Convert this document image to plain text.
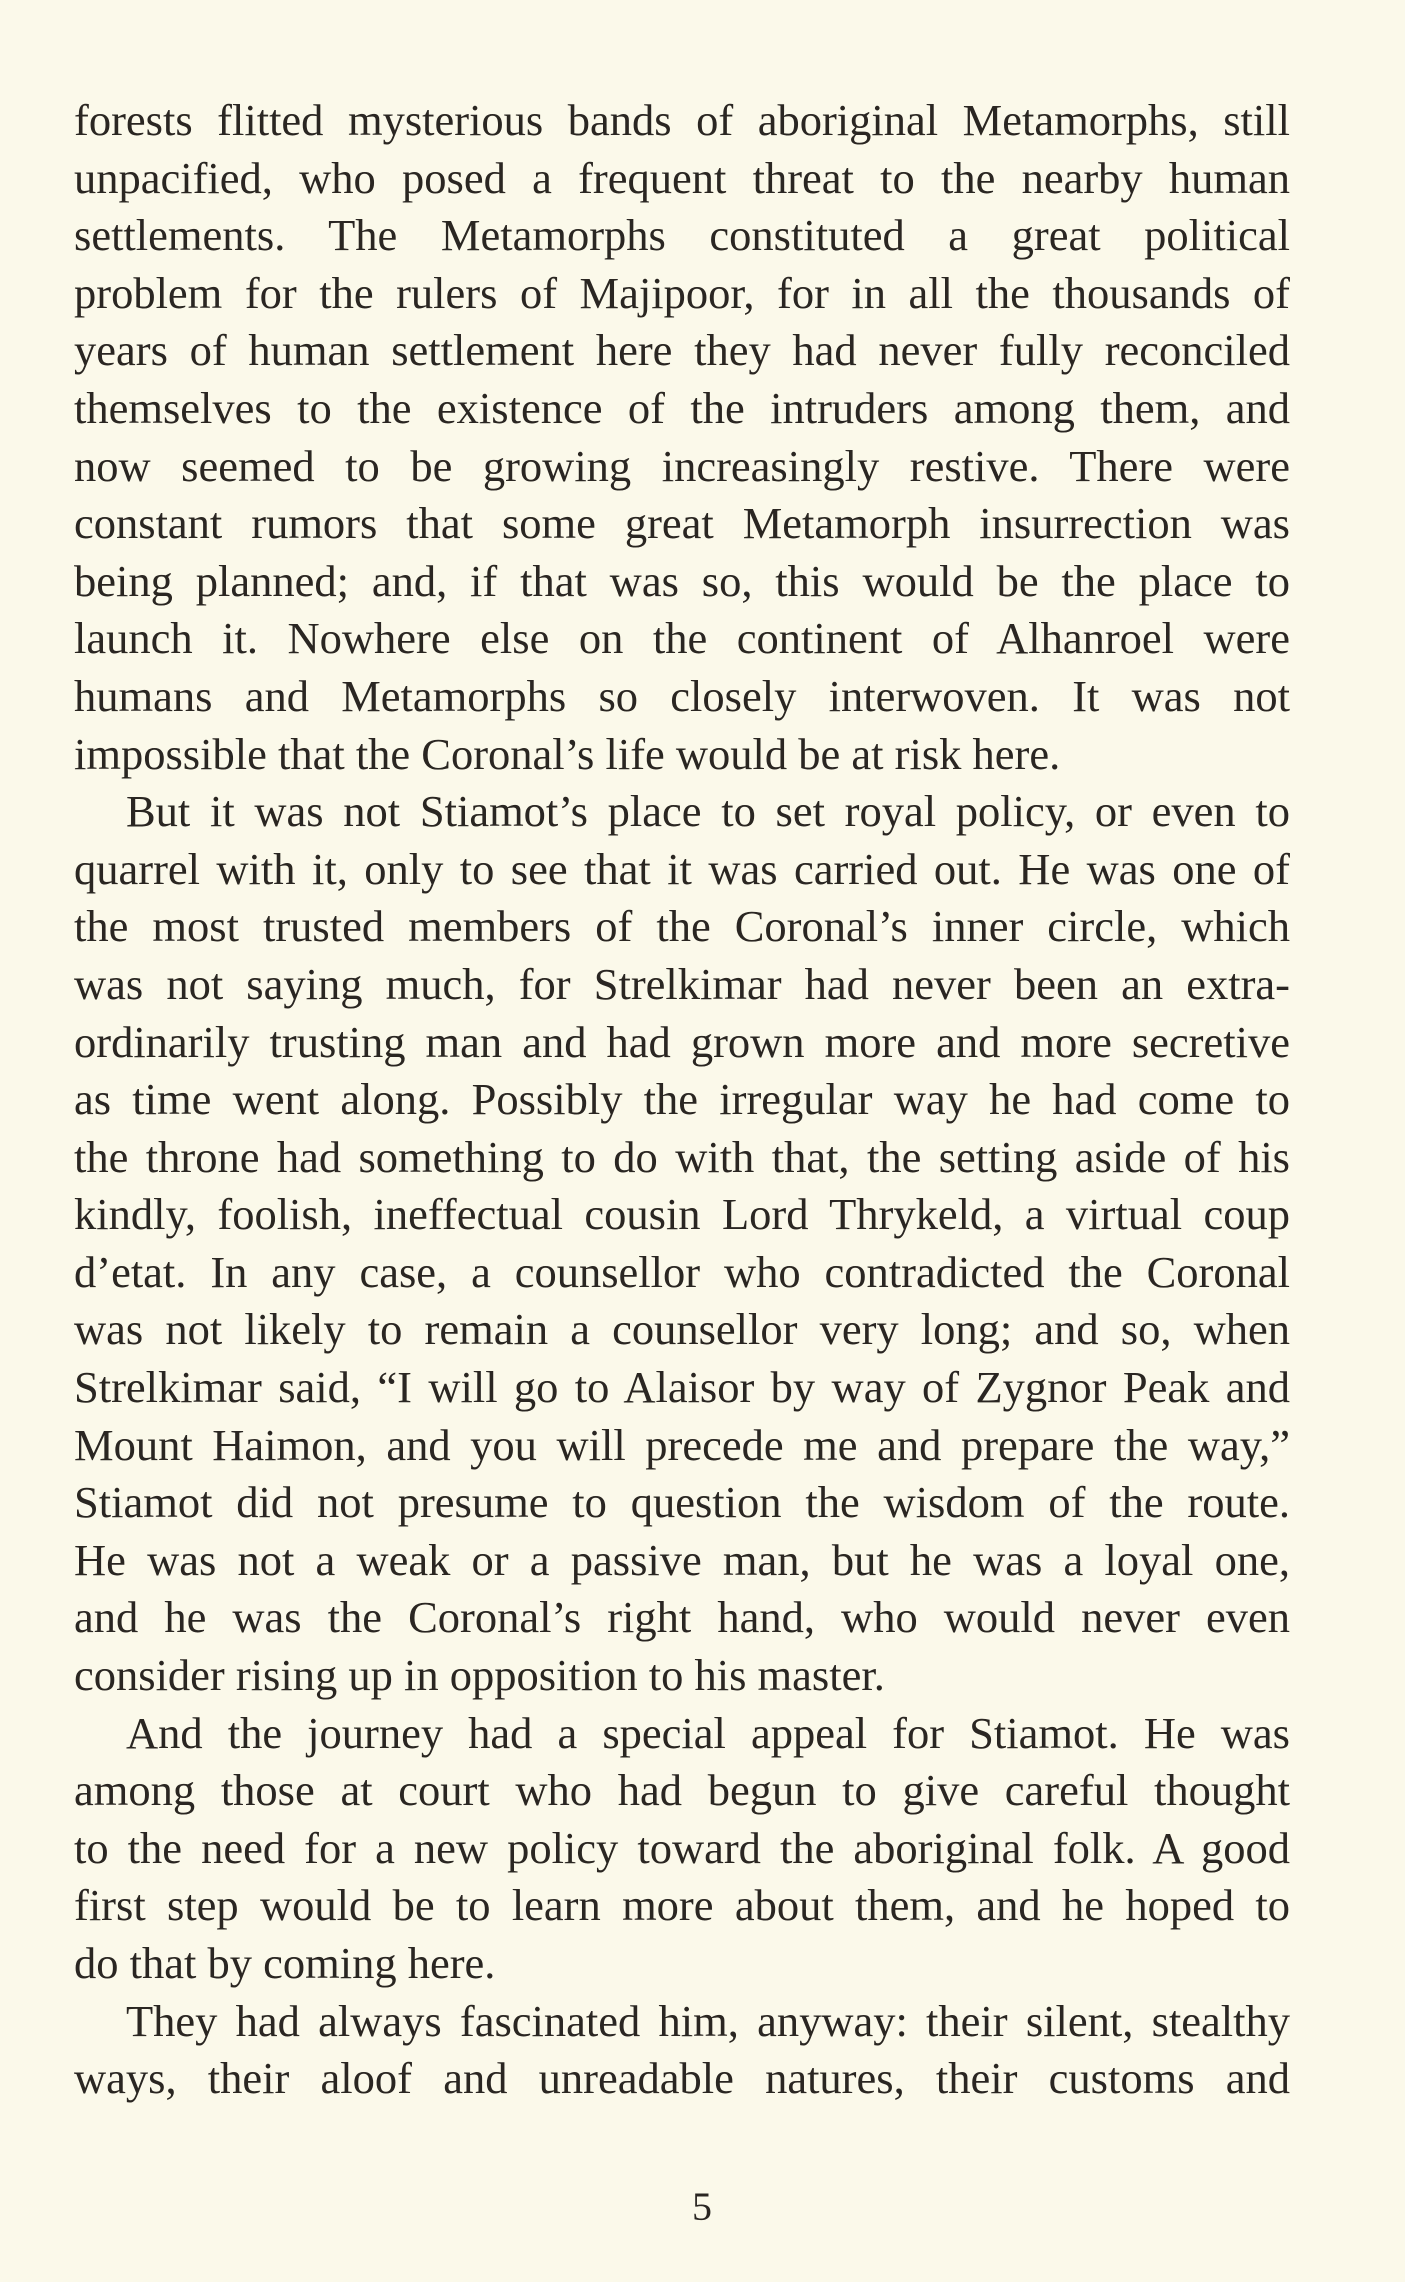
forests flitted mysterious bands of aboriginal Metamorphs, still
unpacified, who posed a frequent threat to the nearby human
settlements. The Metamorphs constituted a great political
problem for the rulers of Majipoor, for in all the thousands of
years of human settlement here they had never fully reconciled
themselves to the existence of the intruders among them, and
now seemed to be growing increasingly restive. There were
constant rumors that some great Metamorph insurrection was
being planned; and, if that was so, this would be the place to
launch it. Nowhere else on the continent of Alhanroel were
humans and Metamorphs so closely interwoven. It was not
impossible that the Coronal’s life would be at risk here.
But it was not Stiamot’s place to set royal policy, or even to
quarrel with it, only to see that it was carried out. He was one of
the most trusted members of the Coronal’s inner circle, which
was not saying much, for Strelkimar had never been an extra-
ordinarily trusting man and had grown more and more secretive
as time went along. Possibly the irregular way he had come to
the throne had something to do with that, the setting aside of his
kindly, foolish, ineffectual cousin Lord Thrykeld, a virtual coup
d’etat. In any case, a counsellor who contradicted the Coronal
was not likely to remain a counsellor very long; and so, when
Strelkimar said, “I will go to Alaisor by way of Zygnor Peak and
Mount Haimon, and you will precede me and prepare the way,”
Stiamot did not presume to question the wisdom of the route.
He was not a weak or a passive man, but he was a loyal one,
and he was the Coronal’s right hand, who would never even
consider rising up in opposition to his master.
And the journey had a special appeal for Stiamot. He was
among those at court who had begun to give careful thought
to the need for a new policy toward the aboriginal folk. A good
first step would be to learn more about them, and he hoped to
do that by coming here.
They had always fascinated him, anyway: their silent, stealthy
ways, their aloof and unreadable natures, their customs and
5
